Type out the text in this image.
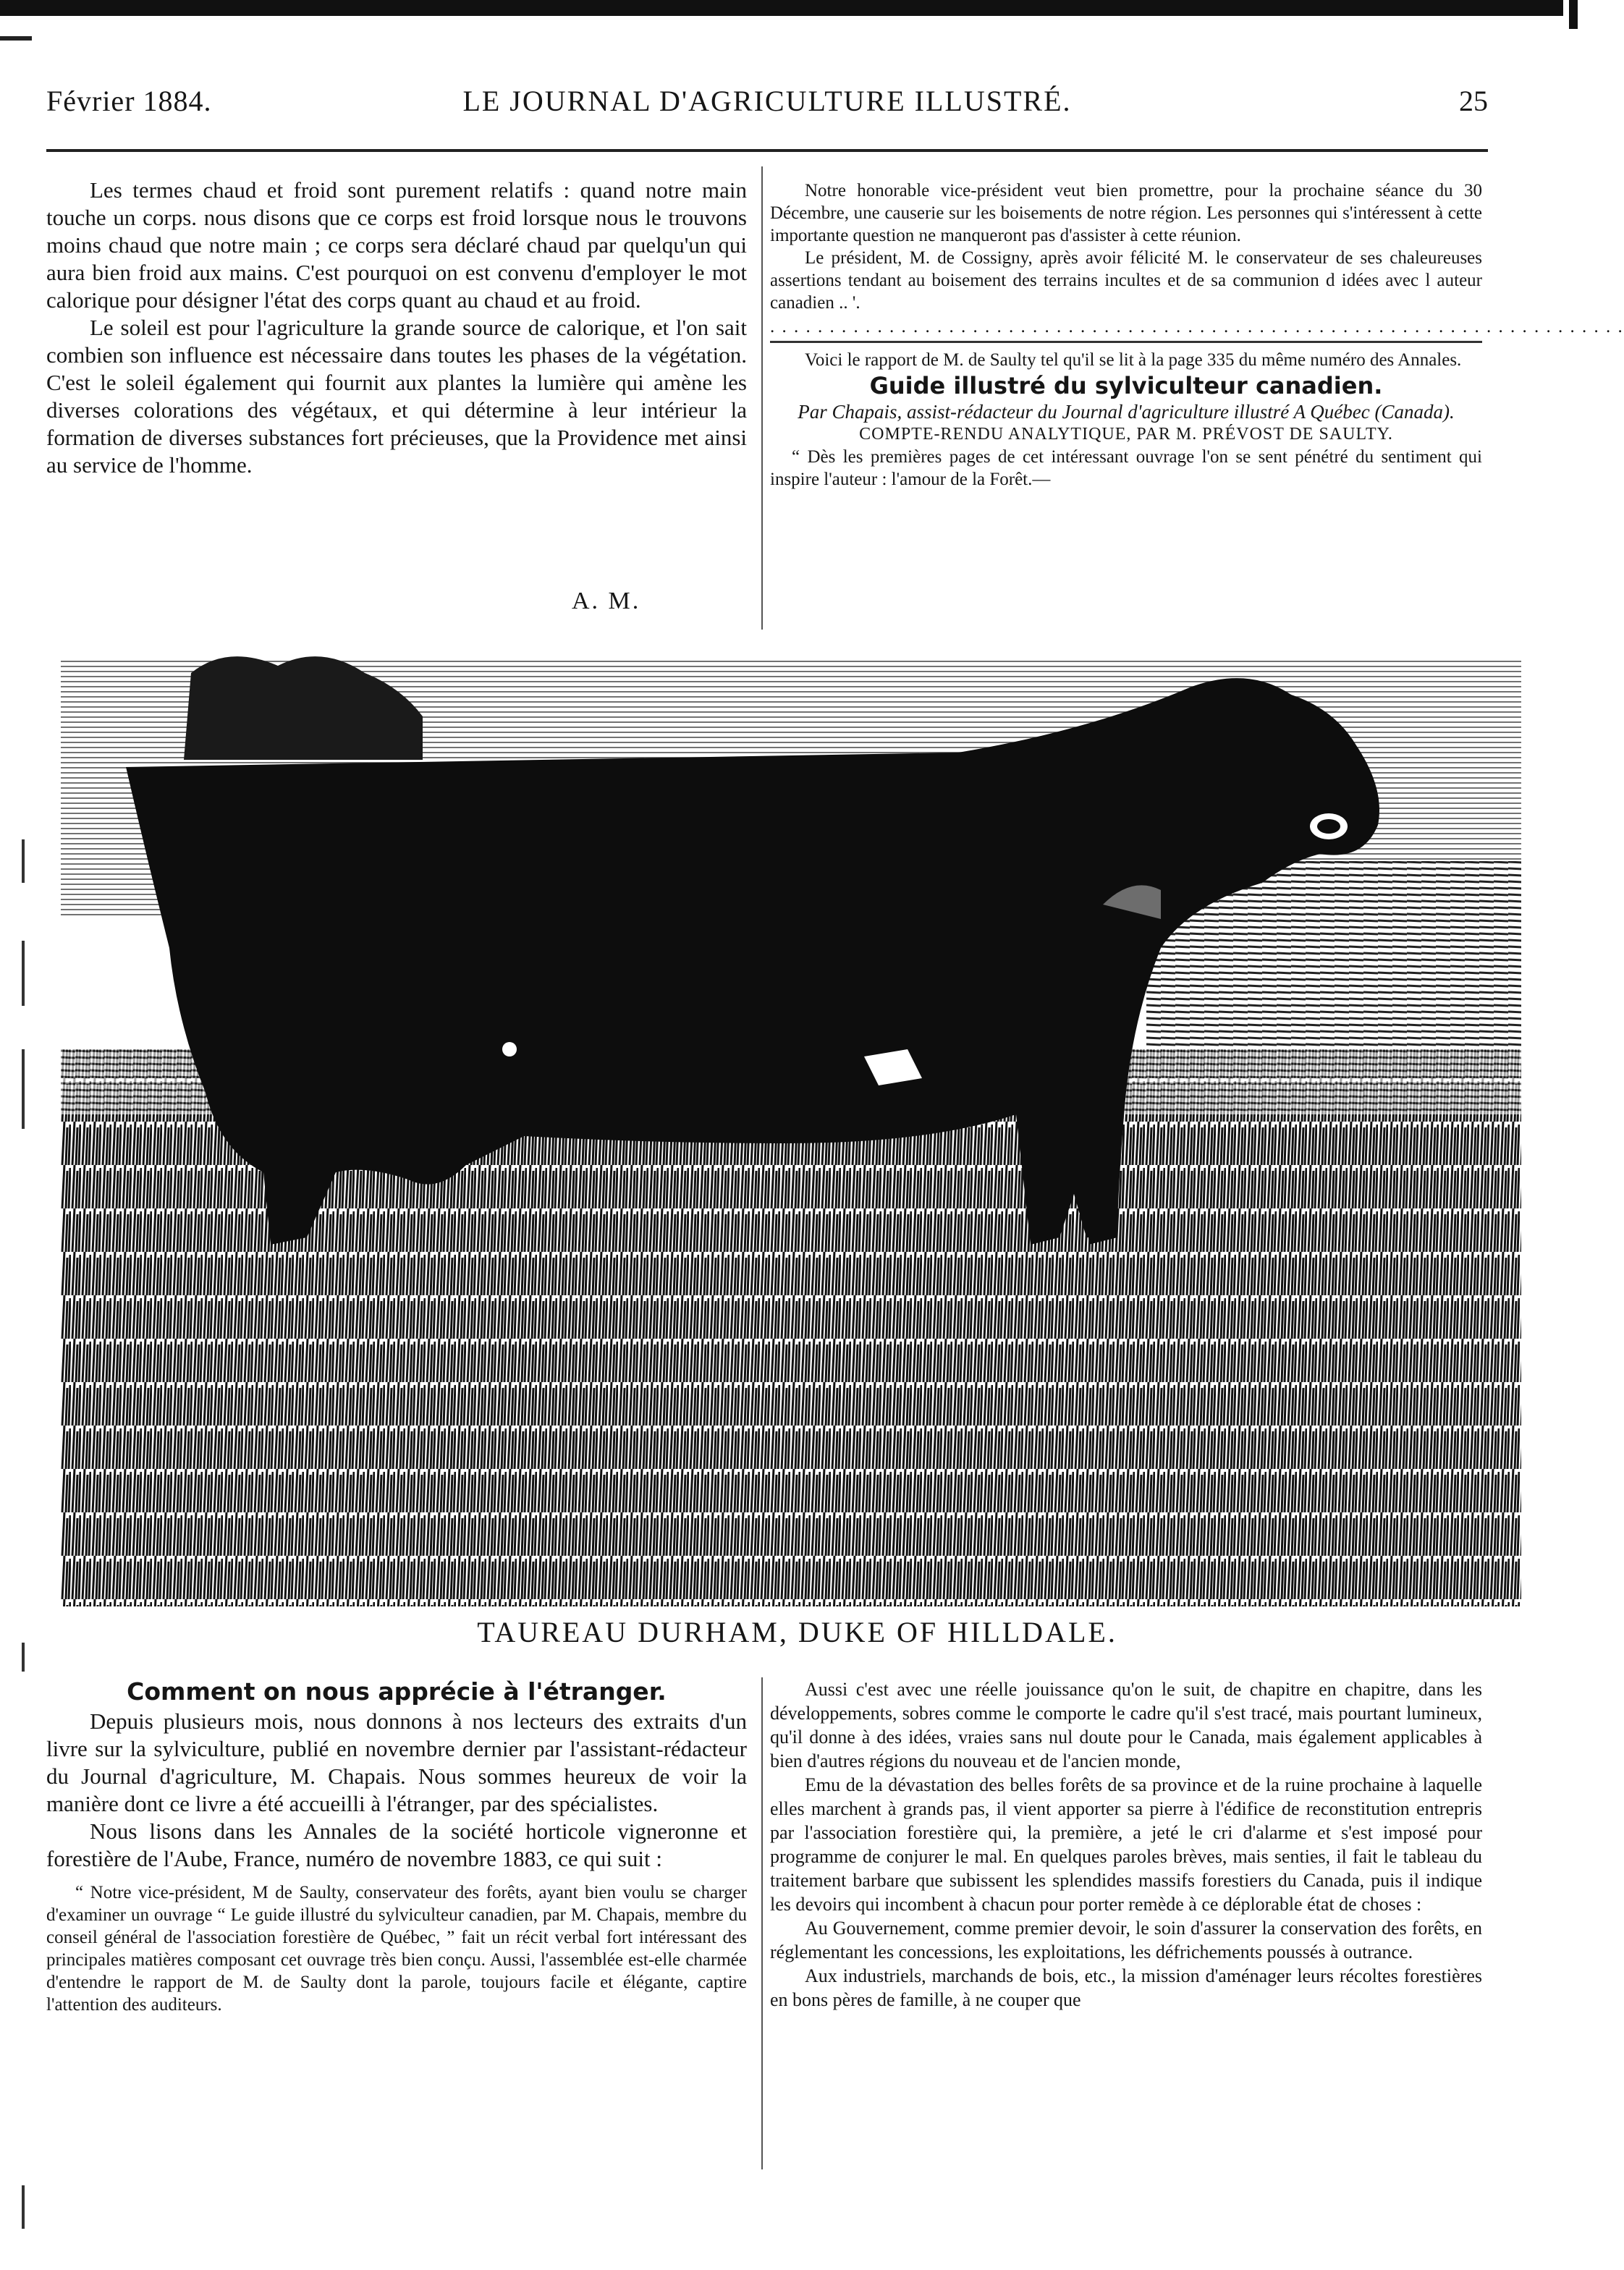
Février 1884.	LE JOURNAL D'AGRICULTURE ILLUSTRÉ.	25

Les termes chaud et froid sont purement relatifs : quand notre main touche un corps. nous disons que ce corps est froid lorsque nous le trouvons moins chaud que notre main ; ce corps sera déclaré chaud par quelqu'un qui aura bien froid aux mains. C'est pourquoi on est convenu d'employer le mot calorique pour désigner l'état des corps quant au chaud et au froid.

Le soleil est pour l'agriculture la grande source de calorique, et l'on sait combien son influence est nécessaire dans toutes les phases de la végétation. C'est le soleil également qui fournit aux plantes la lumière qui amène les diverses colorations des végétaux, et qui détermine à leur intérieur la formation de diverses substances fort précieuses, que la Providence met ainsi au service de l'homme.

A. M.

Notre honorable vice-président veut bien promettre, pour la prochaine séance du 30 Décembre, une causerie sur les boisements de notre région. Les personnes qui s'intéressent à cette importante question ne manqueront pas d'assister à cette réunion.

Le président, M. de Cossigny, après avoir félicité M. le conservateur de ses chaleureuses assertions tendant au boisement des terrains incultes et de sa communion d idées avec l auteur canadien .. '.

. . . . . . . . . . . . . . . . . . . . . . . . . . . . . . . . . . . . . . . . . . . . . . . . . . . . . . . . . . . . . . . . . . . . . . . .

Voici le rapport de M. de Saulty tel qu'il se lit à la page 335 du même numéro des Annales.

Guide illustré du sylviculteur canadien.

Par Chapais, assist-rédacteur du Journal d'agriculture illustré A Québec (Canada).

COMPTE-RENDU ANALYTIQUE, PAR M. PRÉVOST DE SAULTY.

“ Dès les premières pages de cet intéressant ouvrage l'on se sent pénétré du sentiment qui inspire l'auteur : l'amour de la Forêt.—

TAUREAU DURHAM, DUKE OF HILLDALE.

Comment on nous apprécie à l'étranger.

Depuis plusieurs mois, nous donnons à nos lecteurs des extraits d'un livre sur la sylviculture, publié en novembre dernier par l'assistant-rédacteur du Journal d'agriculture, M. Chapais. Nous sommes heureux de voir la manière dont ce livre a été accueilli à l'étranger, par des spécialistes.

Nous lisons dans les Annales de la société horticole vigneronne et forestière de l'Aube, France, numéro de novembre 1883, ce qui suit :

“ Notre vice-président, M de Saulty, conservateur des forêts, ayant bien voulu se charger d'examiner un ouvrage “ Le guide illustré du sylviculteur canadien, par M. Chapais, membre du conseil général de l'association forestière de Québec, ” fait un récit verbal fort intéressant des principales matières composant cet ouvrage très bien conçu. Aussi, l'assemblée est-elle charmée d'entendre le rapport de M. de Saulty dont la parole, toujours facile et élégante, captire l'attention des auditeurs.

Aussi c'est avec une réelle jouissance qu'on le suit, de chapitre en chapitre, dans les développements, sobres comme le comporte le cadre qu'il s'est tracé, mais pourtant lumineux, qu'il donne à des idées, vraies sans nul doute pour le Canada, mais également applicables à bien d'autres régions du nouveau et de l'ancien monde,

Emu de la dévastation des belles forêts de sa province et de la ruine prochaine à laquelle elles marchent à grands pas, il vient apporter sa pierre à l'édifice de reconstitution entrepris par l'association forestière qui, la première, a jeté le cri d'alarme et s'est imposé pour programme de conjurer le mal. En quelques paroles brèves, mais senties, il fait le tableau du traitement barbare que subissent les splendides massifs forestiers du Canada, puis il indique les devoirs qui incombent à chacun pour porter remède à ce déplorable état de choses :

Au Gouvernement, comme premier devoir, le soin d'assurer la conservation des forêts, en réglementant les concessions, les exploitations, les défrichements poussés à outrance.

Aux industriels, marchands de bois, etc., la mission d'aménager leurs récoltes forestières en bons pères de famille, à ne couper que
